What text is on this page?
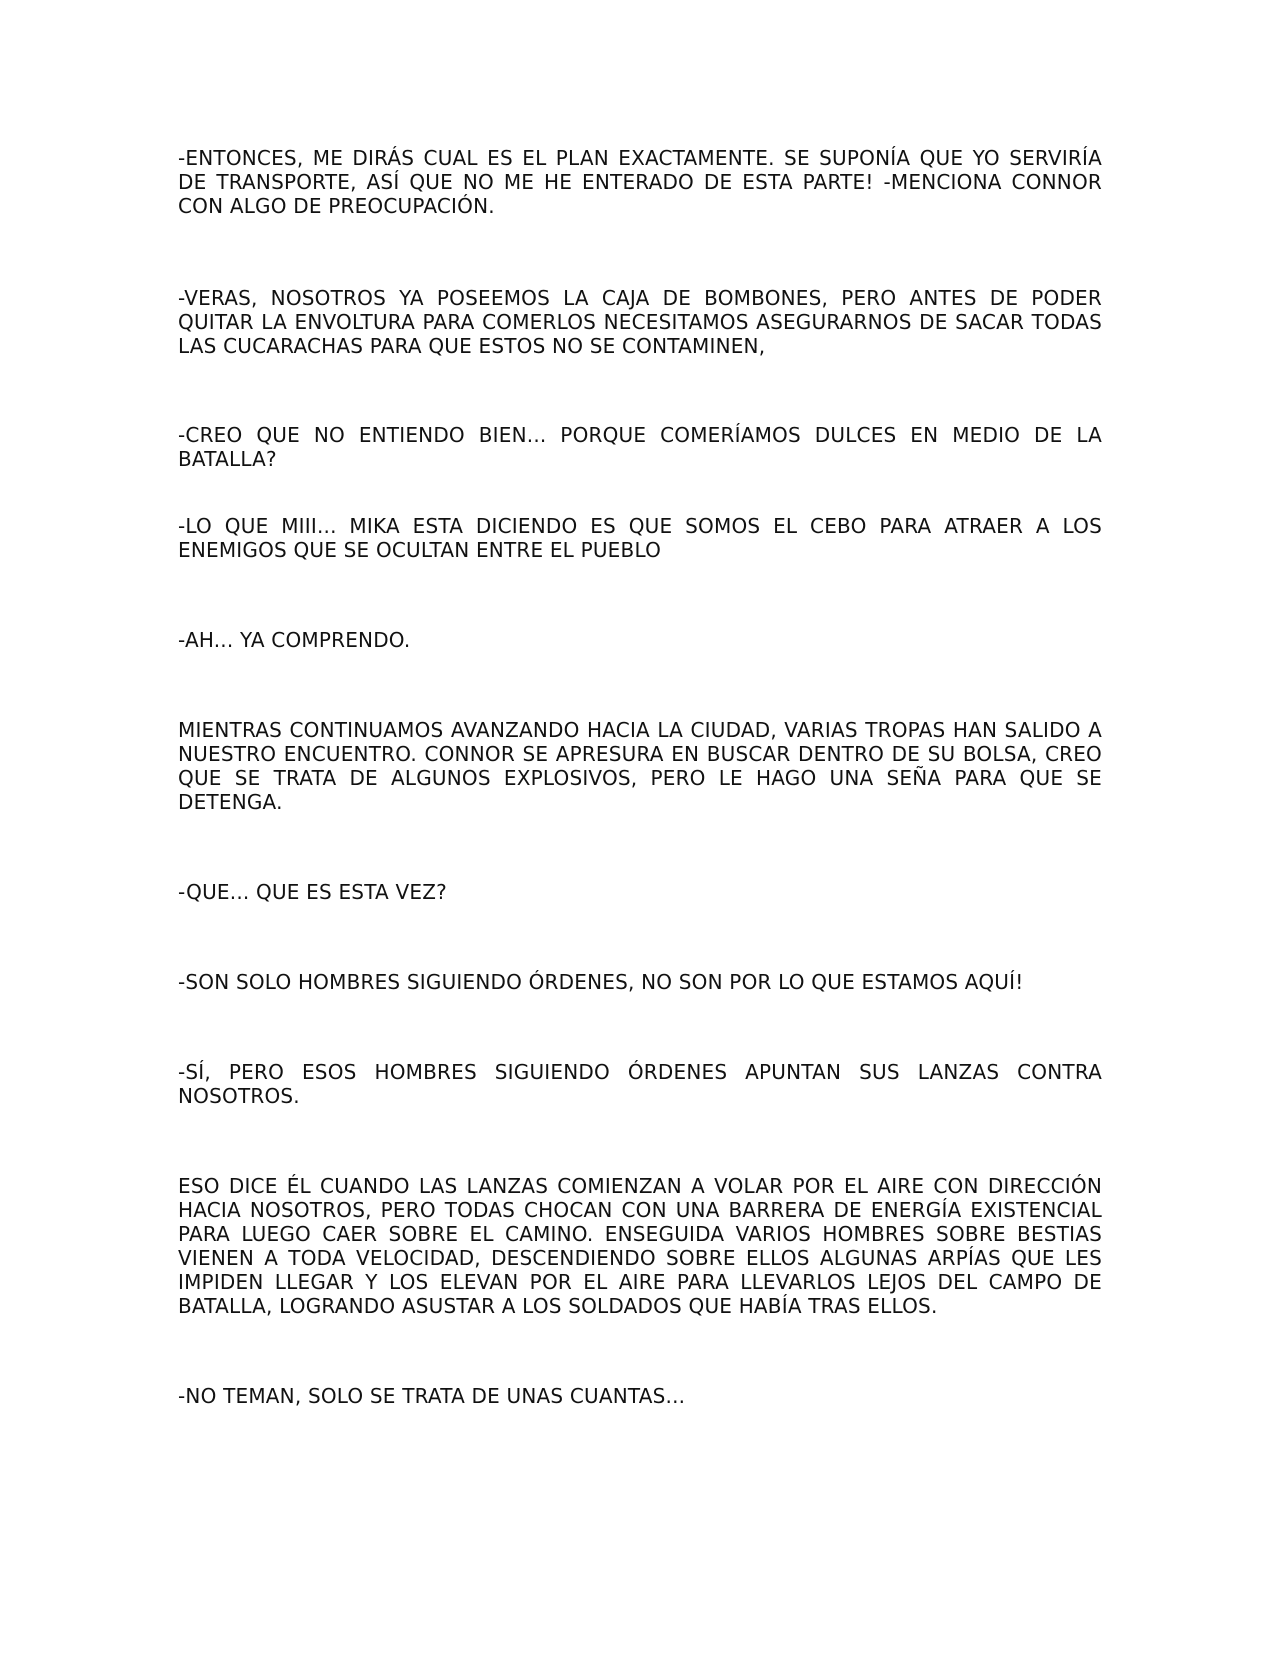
-ENTONCES, ME DIRÁS CUAL ES EL PLAN EXACTAMENTE. SE SUPONÍA QUE YO SERVIRÍA DE TRANSPORTE, ASÍ QUE NO ME HE ENTERADO DE ESTA PARTE! -MENCIONA CONNOR CON ALGO DE PREOCUPACIÓN.

-VERAS, NOSOTROS YA POSEEMOS LA CAJA DE BOMBONES, PERO ANTES DE PODER QUITAR LA ENVOLTURA PARA COMERLOS NECESITAMOS ASEGURARNOS DE SACAR TODAS LAS CUCARACHAS PARA QUE ESTOS NO SE CONTAMINEN,

-CREO QUE NO ENTIENDO BIEN... PORQUE COMERÍAMOS DULCES EN MEDIO DE LA BATALLA?

-LO QUE MIII... MIKA ESTA DICIENDO ES QUE SOMOS EL CEBO PARA ATRAER A LOS ENEMIGOS QUE SE OCULTAN ENTRE EL PUEBLO

-AH... YA COMPRENDO.

MIENTRAS CONTINUAMOS AVANZANDO HACIA LA CIUDAD, VARIAS TROPAS HAN SALIDO A NUESTRO ENCUENTRO. CONNOR SE APRESURA EN BUSCAR DENTRO DE SU BOLSA, CREO QUE SE TRATA DE ALGUNOS EXPLOSIVOS, PERO LE HAGO UNA SEÑA PARA QUE SE DETENGA.

-QUE... QUE ES ESTA VEZ?

-SON SOLO HOMBRES SIGUIENDO ÓRDENES, NO SON POR LO QUE ESTAMOS AQUÍ!

-SÍ, PERO ESOS HOMBRES SIGUIENDO ÓRDENES APUNTAN SUS LANZAS CONTRA NOSOTROS.

ESO DICE ÉL CUANDO LAS LANZAS COMIENZAN A VOLAR POR EL AIRE CON DIRECCIÓN HACIA NOSOTROS, PERO TODAS CHOCAN CON UNA BARRERA DE ENERGÍA EXISTENCIAL PARA LUEGO CAER SOBRE EL CAMINO. ENSEGUIDA VARIOS HOMBRES SOBRE BESTIAS VIENEN A TODA VELOCIDAD, DESCENDIENDO SOBRE ELLOS ALGUNAS ARPÍAS QUE LES IMPIDEN LLEGAR Y LOS ELEVAN POR EL AIRE PARA LLEVARLOS LEJOS DEL CAMPO DE BATALLA, LOGRANDO ASUSTAR A LOS SOLDADOS QUE HABÍA TRAS ELLOS.

-NO TEMAN, SOLO SE TRATA DE UNAS CUANTAS...
